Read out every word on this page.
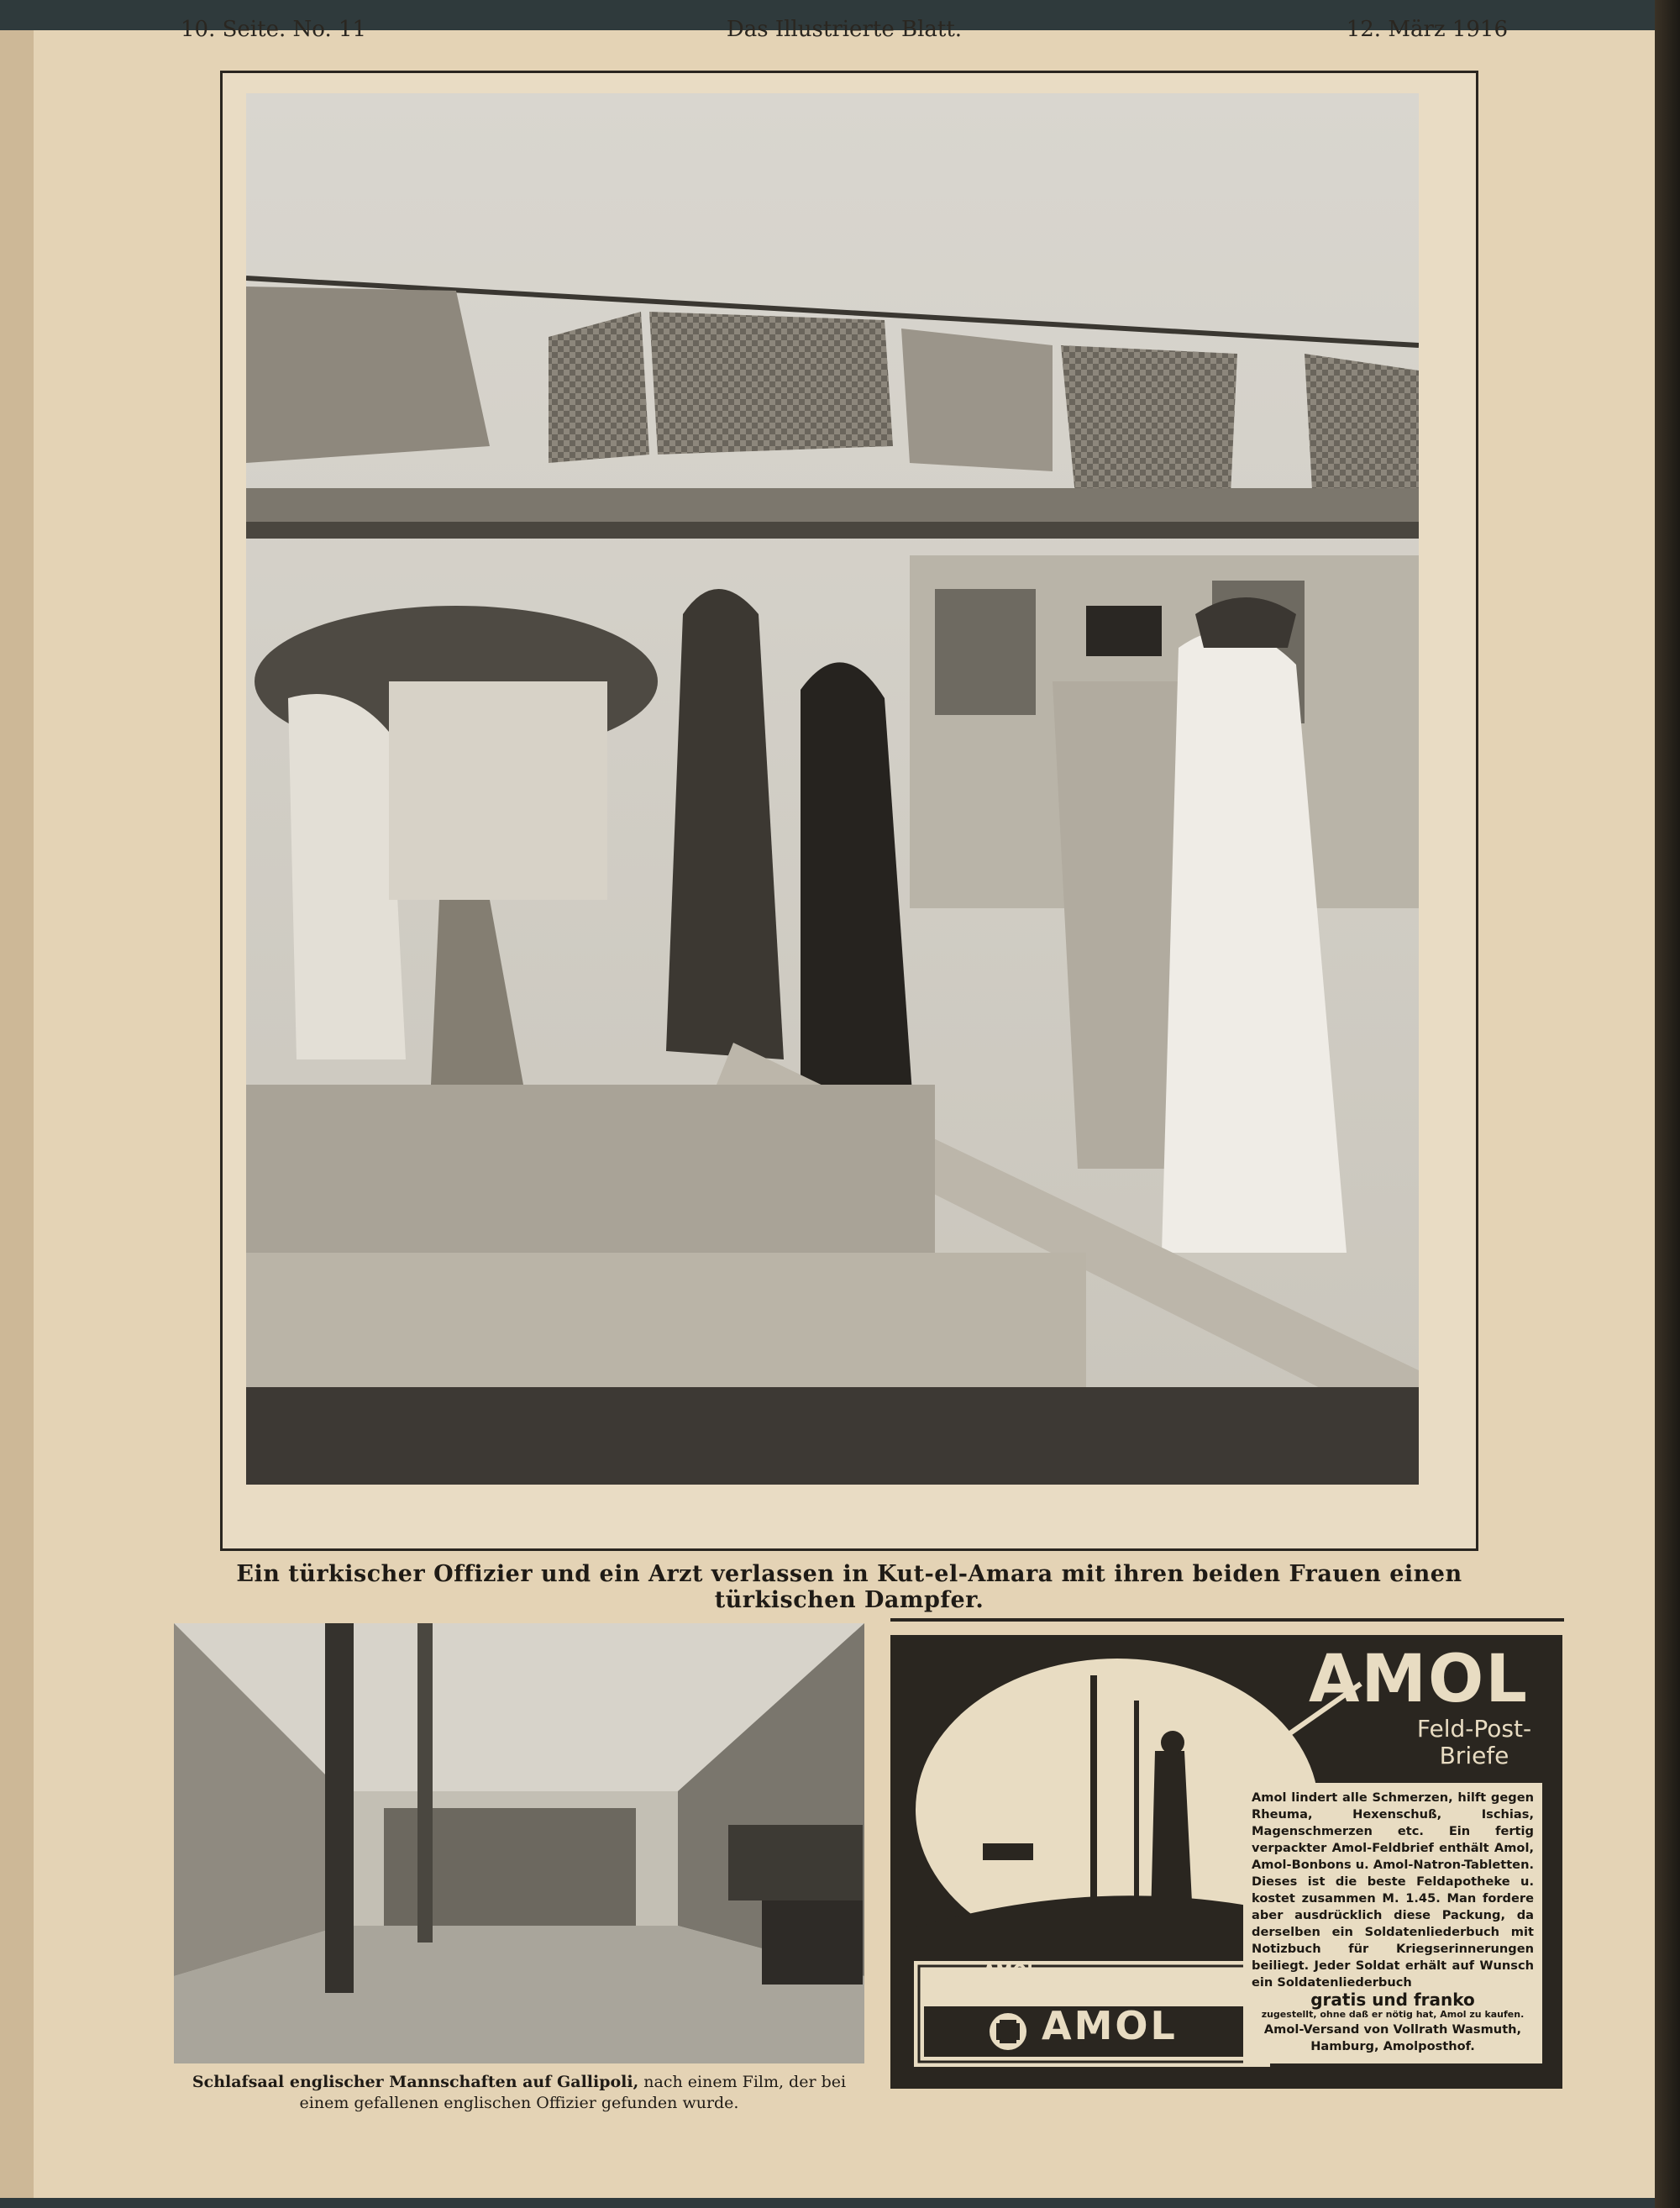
10. Seite. No. 11	Das Illustrierte Blatt.	12. März 1916
Ein türkischer Offizier und ein Arzt verlassen in Kut-el-Amara mit ihren beiden Frauen einen türkischen Dampfer.
Schlafsaal englischer Mannschaften auf Gallipoli, nach einem Film, der bei einem gefallenen englischen Offizier gefunden wurde.
AMOL
Feld-Post-Briefe

Amol lindert alle Schmerzen, hilft gegen Rheuma, Hexenschuß, Ischias, Magenschmerzen etc. Ein fertig verpackter Amol-Feldbrief enthält Amol, Amol-Bonbons u. Amol-Natron-Tabletten. Dieses ist die beste Feldapotheke u. kostet zusammen M. 1.45. Man fordere aber ausdrücklich diese Packung, da derselben ein Soldatenliederbuch mit Notizbuch für Kriegserinnerungen beiliegt. Jeder Soldat erhält auf Wunsch ein Soldatenliederbuch

gratis und franko
zugestellt, ohne daß er nötig hat, Amol zu kaufen.
Amol-Versand von Vollrath Wasmuth, Hamburg, Amolposthof.
AMOL
AMOL
